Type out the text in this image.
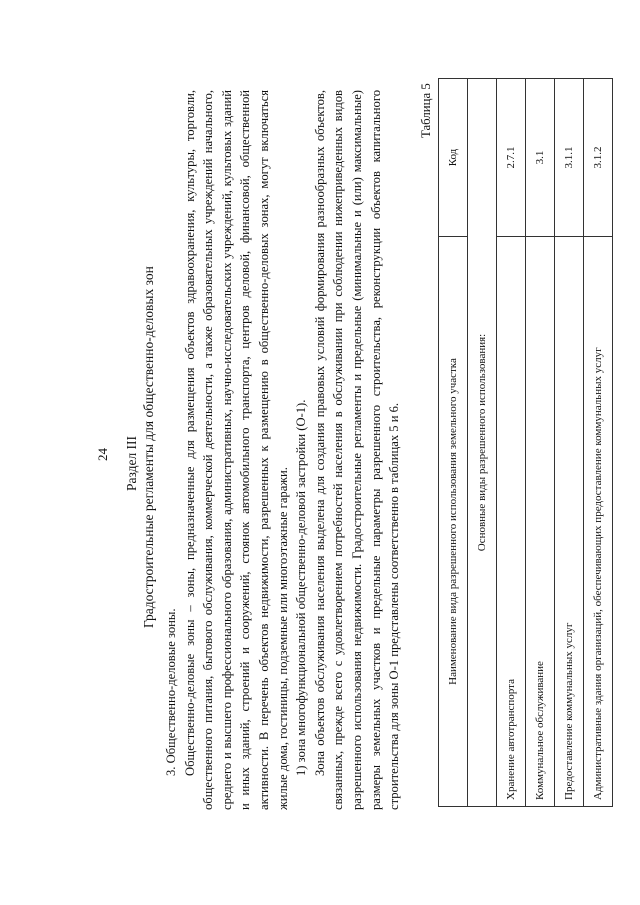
24 Раздел III Градостроительные регламенты для общественно-деловых зон

3. Общественно-деловые зоны. Общественно-деловые зоны – зоны, предназначенные для размещения объектов здравоохранения, культуры, торговли, общественного питания, бытового обслуживания, коммерческой деятельности, а также образовательных учреждений начального, среднего и высшего профессионального образования, административных, научно-исследовательских учреждений, культовых зданий и иных зданий, строений и сооружений, стоянок автомобильного транспорта, центров деловой, финансовой, общественной активности. В перечень объектов недвижимости, разрешенных к размещению в общественно-деловых зонах, могут включаться жилые дома, гостиницы, подземные или многоэтажные гаражи. 1) зона многофункциональной общественно-деловой застройки (О-1). Зона объектов обслуживания населения выделена для создания правовых условий формирования разнообразных объектов, связанных, прежде всего с удовлетворением потребностей населения в обслуживании при соблюдении нижеприведенных видов разрешенного использования недвижимости. Градостроительные регламенты и предельные (минимальные и (или) максимальные) размеры земельных участков и предельные параметры разрешенного строительства, реконструкции объектов капитального строительства для зоны О-1 представлены соответственно в таблицах 5 и 6.

Таблица 5
Наименование вида разрешенного использования земельного участка	Код
Основные виды разрешенного использования:	
Хранение автотранспорта	2.7.1
Коммунальное обслуживание	3.1
Предоставление коммунальных услуг	3.1.1
Административные здания организаций, обеспечивающих предоставление коммунальных услуг	3.1.2
